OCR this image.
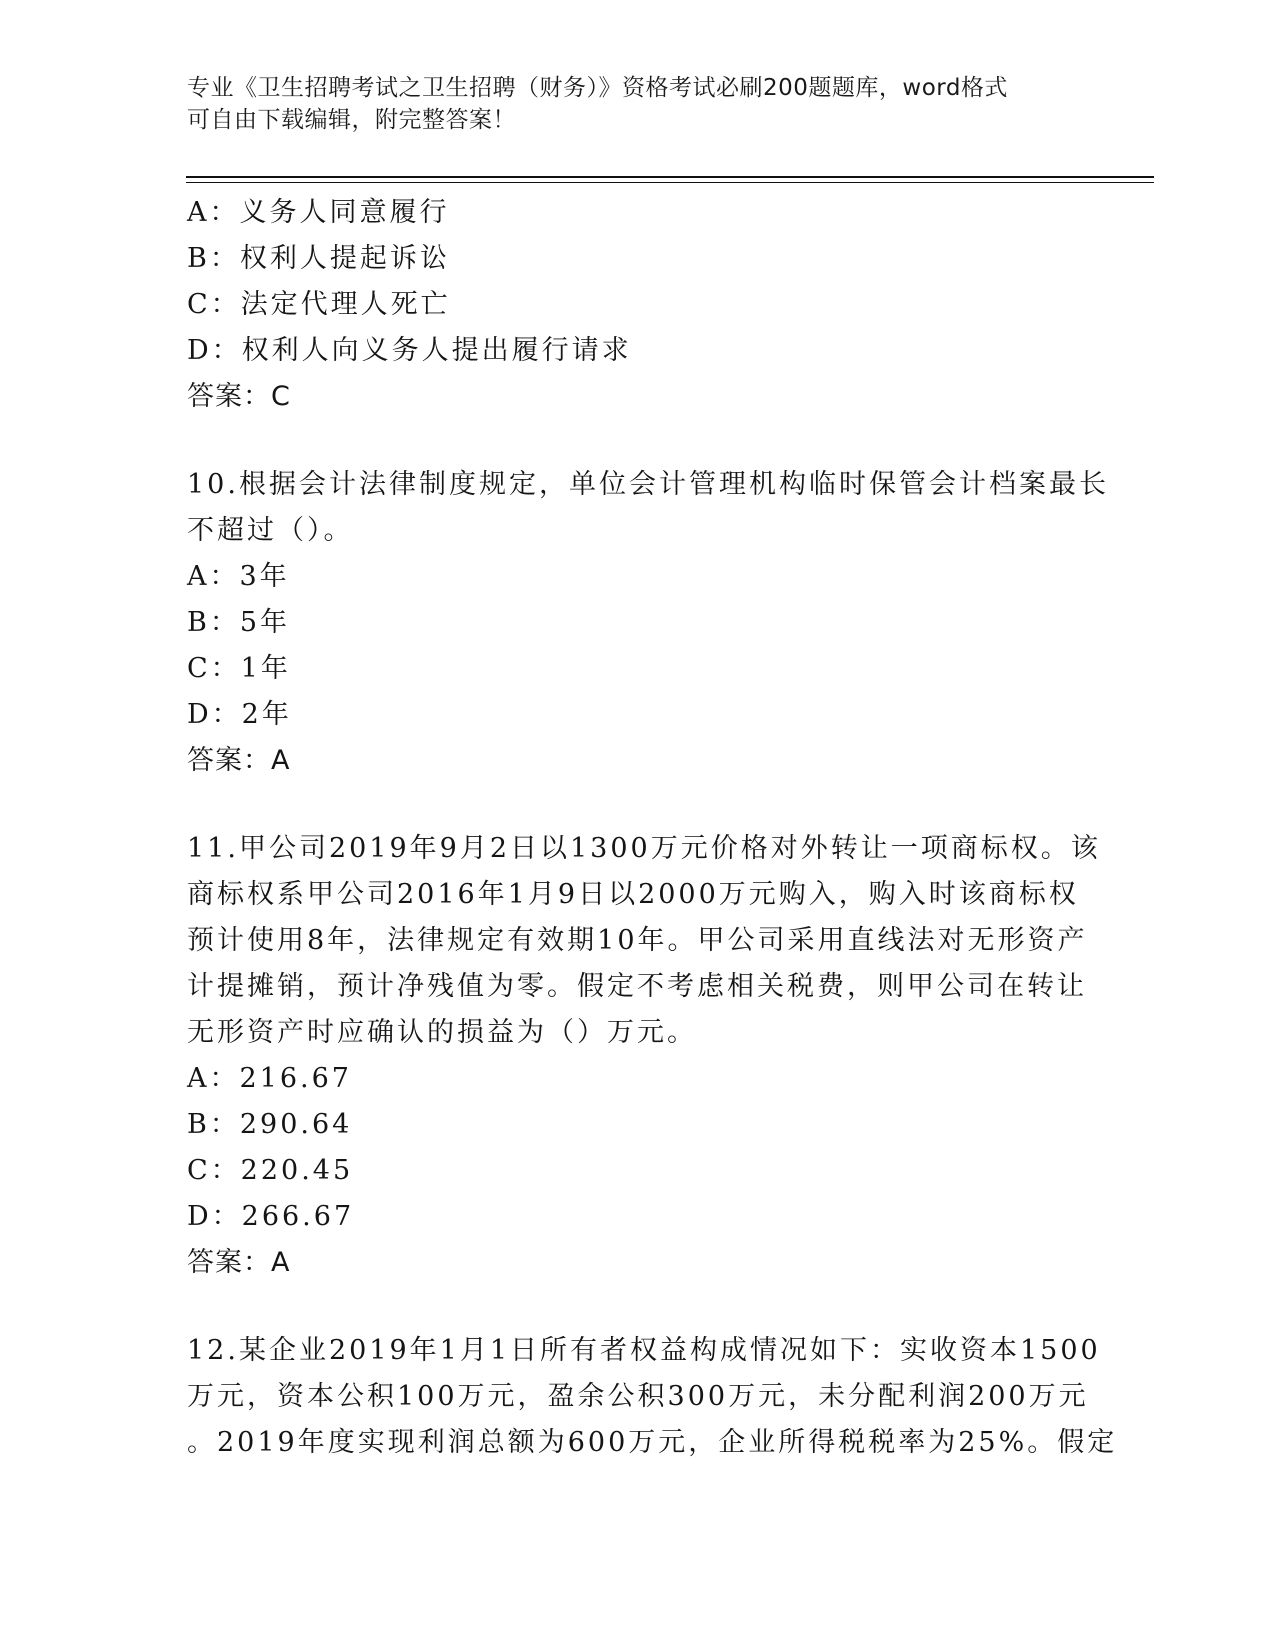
专业《卫生招聘考试之卫生招聘（财务）》资格考试必刷200题题库，word格式
可自由下载编辑，附完整答案！
A：义务人同意履行
B：权利人提起诉讼
C：法定代理人死亡
D：权利人向义务人提出履行请求
答案：C
10.根据会计法律制度规定，单位会计管理机构临时保管会计档案最长
不超过（）。
A：3年
B：5年
C：1年
D：2年
答案：A
11.甲公司2019年9月2日以1300万元价格对外转让一项商标权。该
商标权系甲公司2016年1月9日以2000万元购入，购入时该商标权
预计使用8年，法律规定有效期10年。甲公司采用直线法对无形资产
计提摊销，预计净残值为零。假定不考虑相关税费，则甲公司在转让
无形资产时应确认的损益为（）万元。
A：216.67
B：290.64
C：220.45
D：266.67
答案：A
12.某企业2019年1月1日所有者权益构成情况如下：实收资本1500
万元，资本公积100万元，盈余公积300万元，未分配利润200万元
。2019年度实现利润总额为600万元，企业所得税税率为25%。假定
